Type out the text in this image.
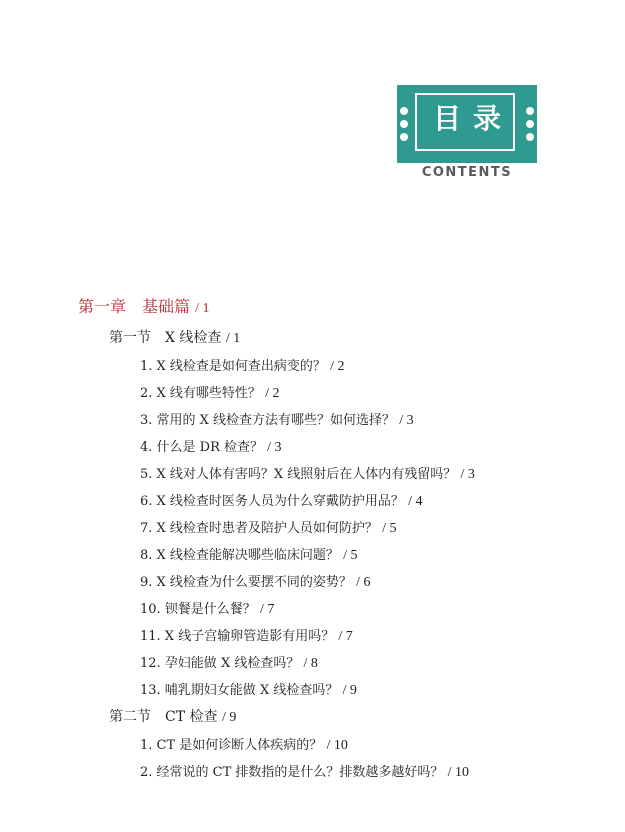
目录
CONTENTS
第一章　基础篇 / 1
第一节　X 线检查 / 1
1. X 线检查是如何查出病变的？ / 2
2. X 线有哪些特性？ / 2
3. 常用的 X 线检查方法有哪些？如何选择？ / 3
4. 什么是 DR 检查？ / 3
5. X 线对人体有害吗？X 线照射后在人体内有残留吗？ / 3
6. X 线检查时医务人员为什么穿戴防护用品？ / 4
7. X 线检查时患者及陪护人员如何防护？ / 5
8. X 线检查能解决哪些临床问题？ / 5
9. X 线检查为什么要摆不同的姿势？ / 6
10. 钡餐是什么餐？ / 7
11. X 线子宫输卵管造影有用吗？ / 7
12. 孕妇能做 X 线检查吗？ / 8
13. 哺乳期妇女能做 X 线检查吗？ / 9
第二节　CT 检查 / 9
1. CT 是如何诊断人体疾病的？ / 10
2. 经常说的 CT 排数指的是什么？排数越多越好吗？ / 10
